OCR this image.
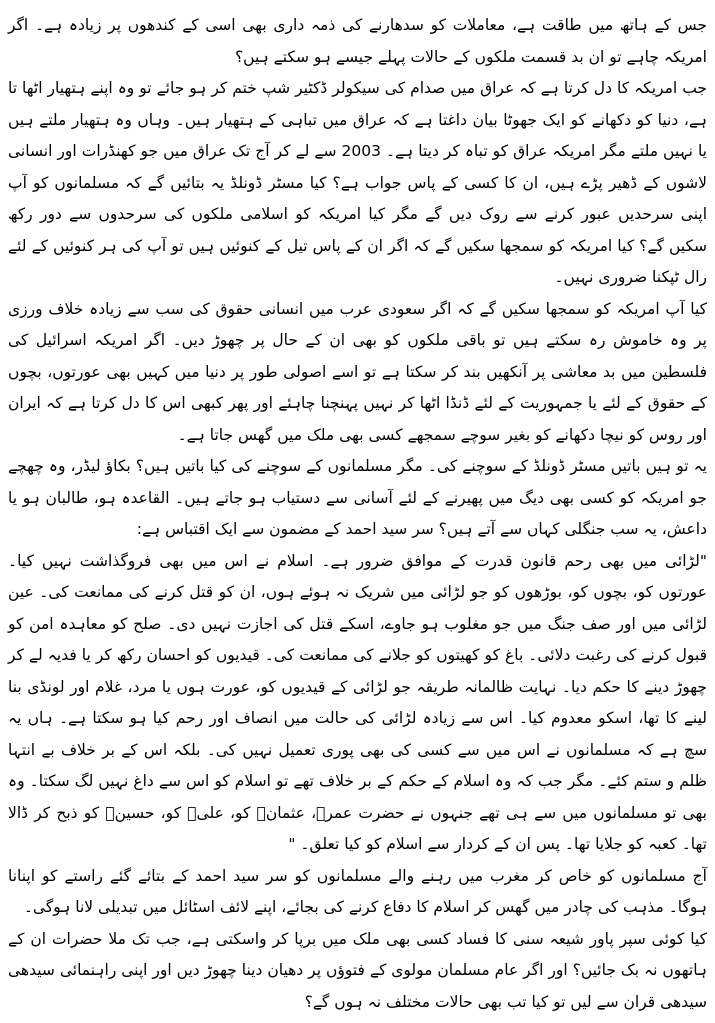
جس کے ہاتھ میں طاقت ہے، معاملات کو سدھارنے کی ذمہ داری بھی اسی کے کندھوں پر زیادہ ہے۔ اگر امریکہ چاہے تو ان بد قسمت ملکوں کے حالات پہلے جیسے ہو سکتے ہیں؟

جب امریکہ کا دل کرتا ہے کہ عراق میں صدام کی سیکولر ڈکٹیر شپ ختم کر ہو جائے تو وہ اپنے ہتھیار اٹھا تا ہے، دنیا کو دکھانے کو ایک جھوٹا بیان داغتا ہے کہ عراق میں تباہی کے ہتھیار ہیں۔ وہاں وہ ہتھیار ملتے ہیں یا نہیں ملتے مگر امریکہ عراق کو تباہ کر دیتا ہے۔ 2003 سے لے کر آج تک عراق میں جو کھنڈرات اور انسانی لاشوں کے ڈھیر پڑے ہیں، ان کا کسی کے پاس جواب ہے؟ کیا مسٹر ڈونلڈ یہ بتائیں گے کہ مسلمانوں کو آپ اپنی سرحدیں عبور کرنے سے روک دیں گے مگر کیا امریکہ کو اسلامی ملکوں کی سرحدوں سے دور رکھ سکیں گے؟ کیا امریکہ کو سمجھا سکیں گے کہ اگر ان کے پاس تیل کے کنوئیں ہیں تو آپ کی ہر کنوئیں کے لئے رال ٹپکنا ضروری نہیں۔

کیا آپ امریکہ کو سمجھا سکیں گے کہ اگر سعودی عرب میں انسانی حقوق کی سب سے زیادہ خلاف ورزی پر وہ خاموش رہ سکتے ہیں تو باقی ملکوں کو بھی ان کے حال پر چھوڑ دیں۔ اگر امریکہ اسرائیل کی فلسطین میں بد معاشی پر آنکھیں بند کر سکتا ہے تو اسے اصولی طور پر دنیا میں کہیں بھی عورتوں، بچوں کے حقوق کے لئے یا جمہوریت کے لئے ڈنڈا اٹھا کر نہیں پہنچنا چاہئے اور پھر کبھی اس کا دل کرتا ہے کہ ایران اور روس کو نیچا دکھانے کو بغیر سوچے سمجھے کسی بھی ملک میں گھس جاتا ہے۔

یہ تو ہیں باتیں مسٹر ڈونلڈ کے سوچنے کی۔ مگر مسلمانوں کے سوچنے کی کیا باتیں ہیں؟ بکاؤ لیڈر، وہ چھچے جو امریکہ کو کسی بھی دیگ میں پھیرنے کے لئے آسانی سے دستیاب ہو جاتے ہیں۔ القاعدہ ہو، طالبان ہو یا داعش، یہ سب جنگلی کہاں سے آتے ہیں؟ سر سید احمد کے مضمون سے ایک اقتباس ہے:

"لڑائی میں بھی رحم قانون قدرت کے موافق ضرور ہے۔ اسلام نے اس میں بھی فروگذاشت نہیں کیا۔ عورتوں کو، بچوں کو، بوڑھوں کو جو لڑائی میں شریک نہ ہوئے ہوں، ان کو قتل کرنے کی ممانعت کی۔ عین لڑائی میں اور صف جنگ میں جو مغلوب ہو جاوے، اسکے قتل کی اجازت نہیں دی۔ صلح کو معاہدہ امن کو قبول کرنے کی رغبت دلائی۔ باغ کو کھیتوں کو جلانے کی ممانعت کی۔ قیدیوں کو احسان رکھ کر یا فدیہ لے کر چھوڑ دینے کا حکم دیا۔ نہایت ظالمانہ طریقہ جو لڑائی کے قیدیوں کو، عورت ہوں یا مرد، غلام اور لونڈی بنا لینے کا تھا، اسکو معدوم کیا۔ اس سے زیادہ لڑائی کی حالت میں انصاف اور رحم کیا ہو سکتا ہے۔ ہاں یہ سچ ہے کہ مسلمانوں نے اس میں سے کسی کی بھی پوری تعمیل نہیں کی۔ بلکہ اس کے بر خلاف بے انتہا ظلم و ستم کئے۔ مگر جب کہ وہ اسلام کے حکم کے بر خلاف تھے تو اسلام کو اس سے داغ نہیں لگ سکتا۔ وہ بھی تو مسلمانوں میں سے ہی تھے جنہوں نے حضرت عمرؓ، عثمانؓ کو، علیؓ کو، حسینؓ کو ذبح کر ڈالا تھا۔ کعبہ کو جلایا تھا۔ پس ان کے کردار سے اسلام کو کیا تعلق۔ "

آج مسلمانوں کو خاص کر مغرب میں رہنے والے مسلمانوں کو سر سید احمد کے بتائے گئے راستے کو اپنانا ہوگا۔ مذہب کی چادر میں گھس کر اسلام کا دفاع کرنے کی بجائے، اپنے لائف اسٹائل میں تبدیلی لانا ہوگی۔

کیا کوئی سپر پاور شیعہ سنی کا فساد کسی بھی ملک میں برپا کر واسکتی ہے، جب تک ملا حضرات ان کے ہاتھوں نہ بک جائیں؟ اور اگر عام مسلمان مولوی کے فتوؤں پر دھیان دینا چھوڑ دیں اور اپنی راہنمائی سیدھی سیدھی قران سے لیں تو کیا تب بھی حالات مختلف نہ ہوں گے؟
